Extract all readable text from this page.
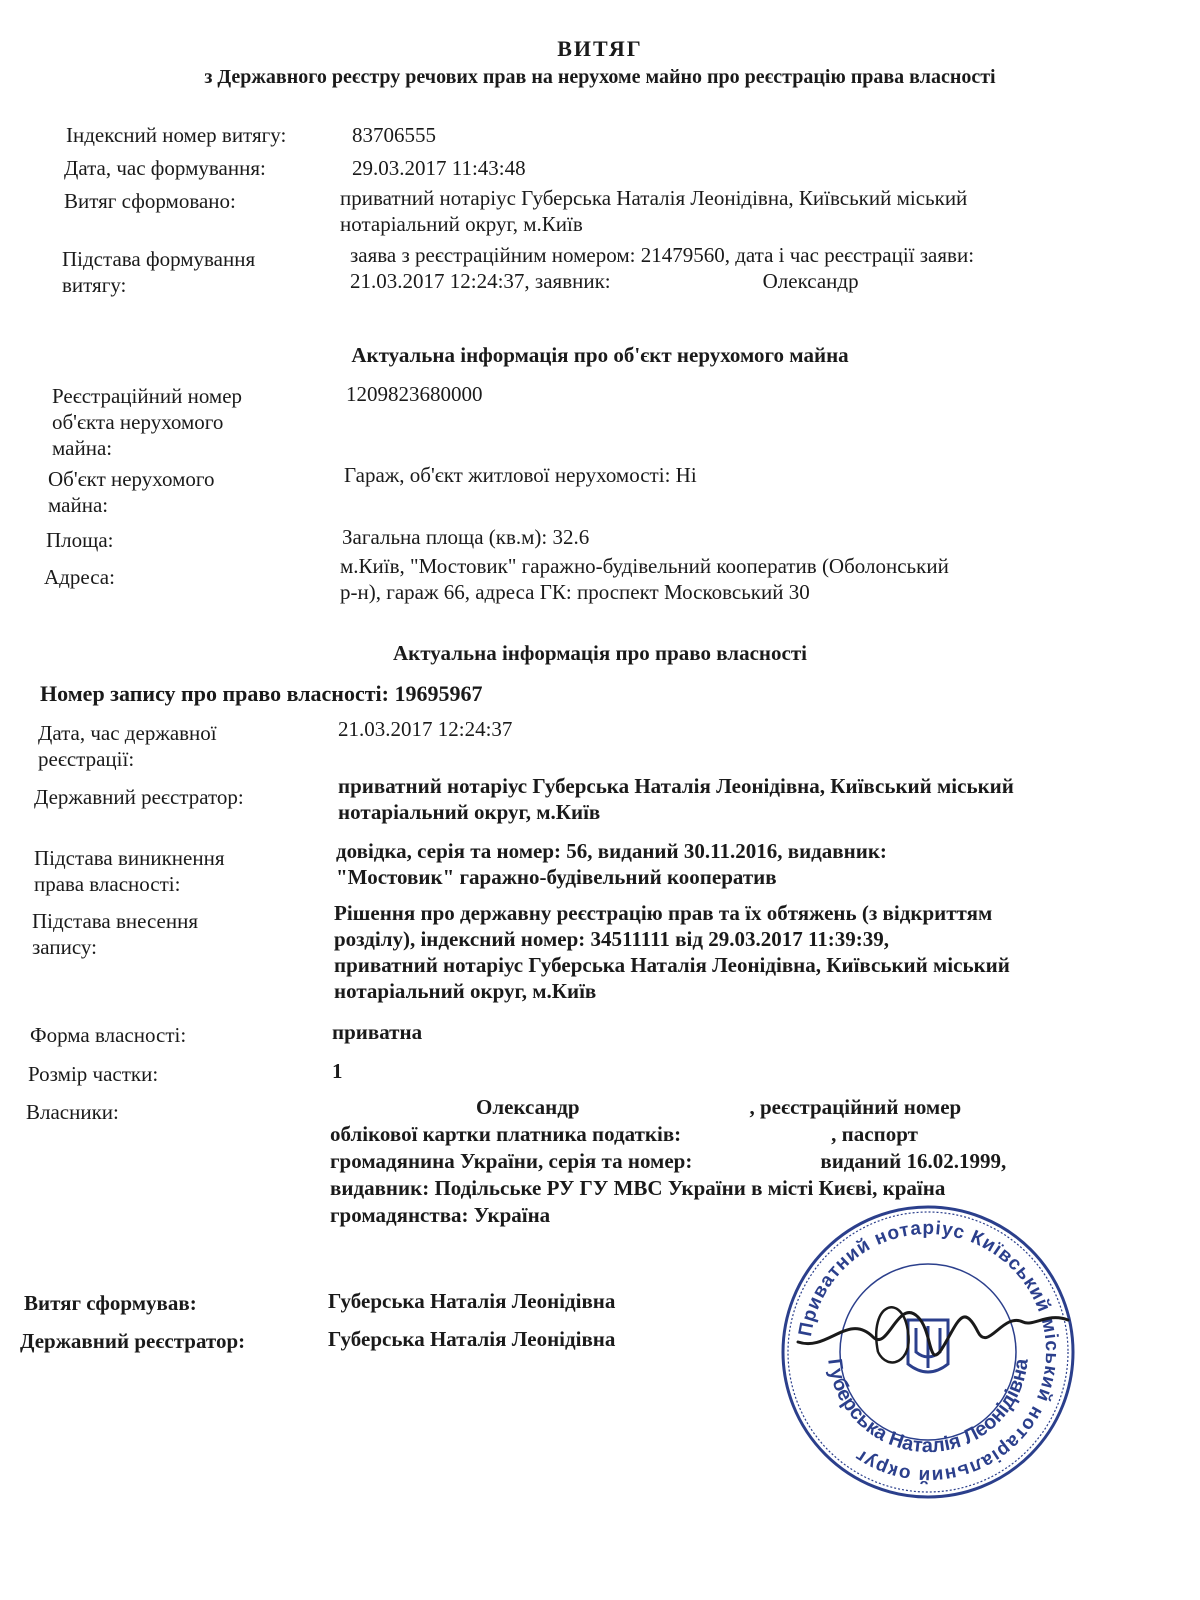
ВИТЯГ
з Державного реєстру речових прав на нерухоме майно про реєстрацію права власності
Індексний номер витягу:	83706555
Дата, час формування:	29.03.2017 11:43:48
Витяг сформовано:	приватний нотаріус Губерська Наталія Леонідівна, Київський міський
нотаріальний округ, м.Київ
Підстава формування
витягу:
заява з реєстраційним номером: 21479560, дата і час реєстрації заяви:
21.03.2017 12:24:37, заявник:	Олександр
Актуальна інформація про об'єкт нерухомого майна
Реєстраційний номер
об'єкта нерухомого
майна:
1209823680000
Об'єкт нерухомого
майна:
Гараж, об'єкт житлової нерухомості: Ні
Площа:	Загальна площа (кв.м): 32.6
Адреса:	м.Київ, "Мостовик" гаражно-будівельний кооператив (Оболонський
р-н), гараж 66, адреса ГК: проспект Московський 30
Актуальна інформація про право власності
Номер запису про право власності: 19695967
Дата, час державної
реєстрації:
21.03.2017 12:24:37
Державний реєстратор:	приватний нотаріус Губерська Наталія Леонідівна, Київський міський
нотаріальний округ, м.Київ
Підстава виникнення
права власності:
довідка, серія та номер: 56, виданий 30.11.2016, видавник:
"Мостовик" гаражно-будівельний кооператив
Підстава внесення
запису:
Рішення про державну реєстрацію прав та їх обтяжень (з відкриттям
розділу), індексний номер: 34511111 від 29.03.2017 11:39:39,
приватний нотаріус Губерська Наталія Леонідівна, Київський міський
нотаріальний округ, м.Київ
Форма власності:	приватна
Розмір частки:	1
Власники:	Олександр	, реєстраційний номер
облікової картки платника податків:	, паспорт
громадянина України, серія та номер:	виданий 16.02.1999,
видавник: Подільське РУ ГУ МВС України в місті Києві, країна
громадянства: Україна
Витяг сформував:	Губерська Наталія Леонідівна
Державний реєстратор:	Губерська Наталія Леонідівна	Приватний нотаріус Київський міський нотаріальний округ
Губерська Наталія Леонідівна
